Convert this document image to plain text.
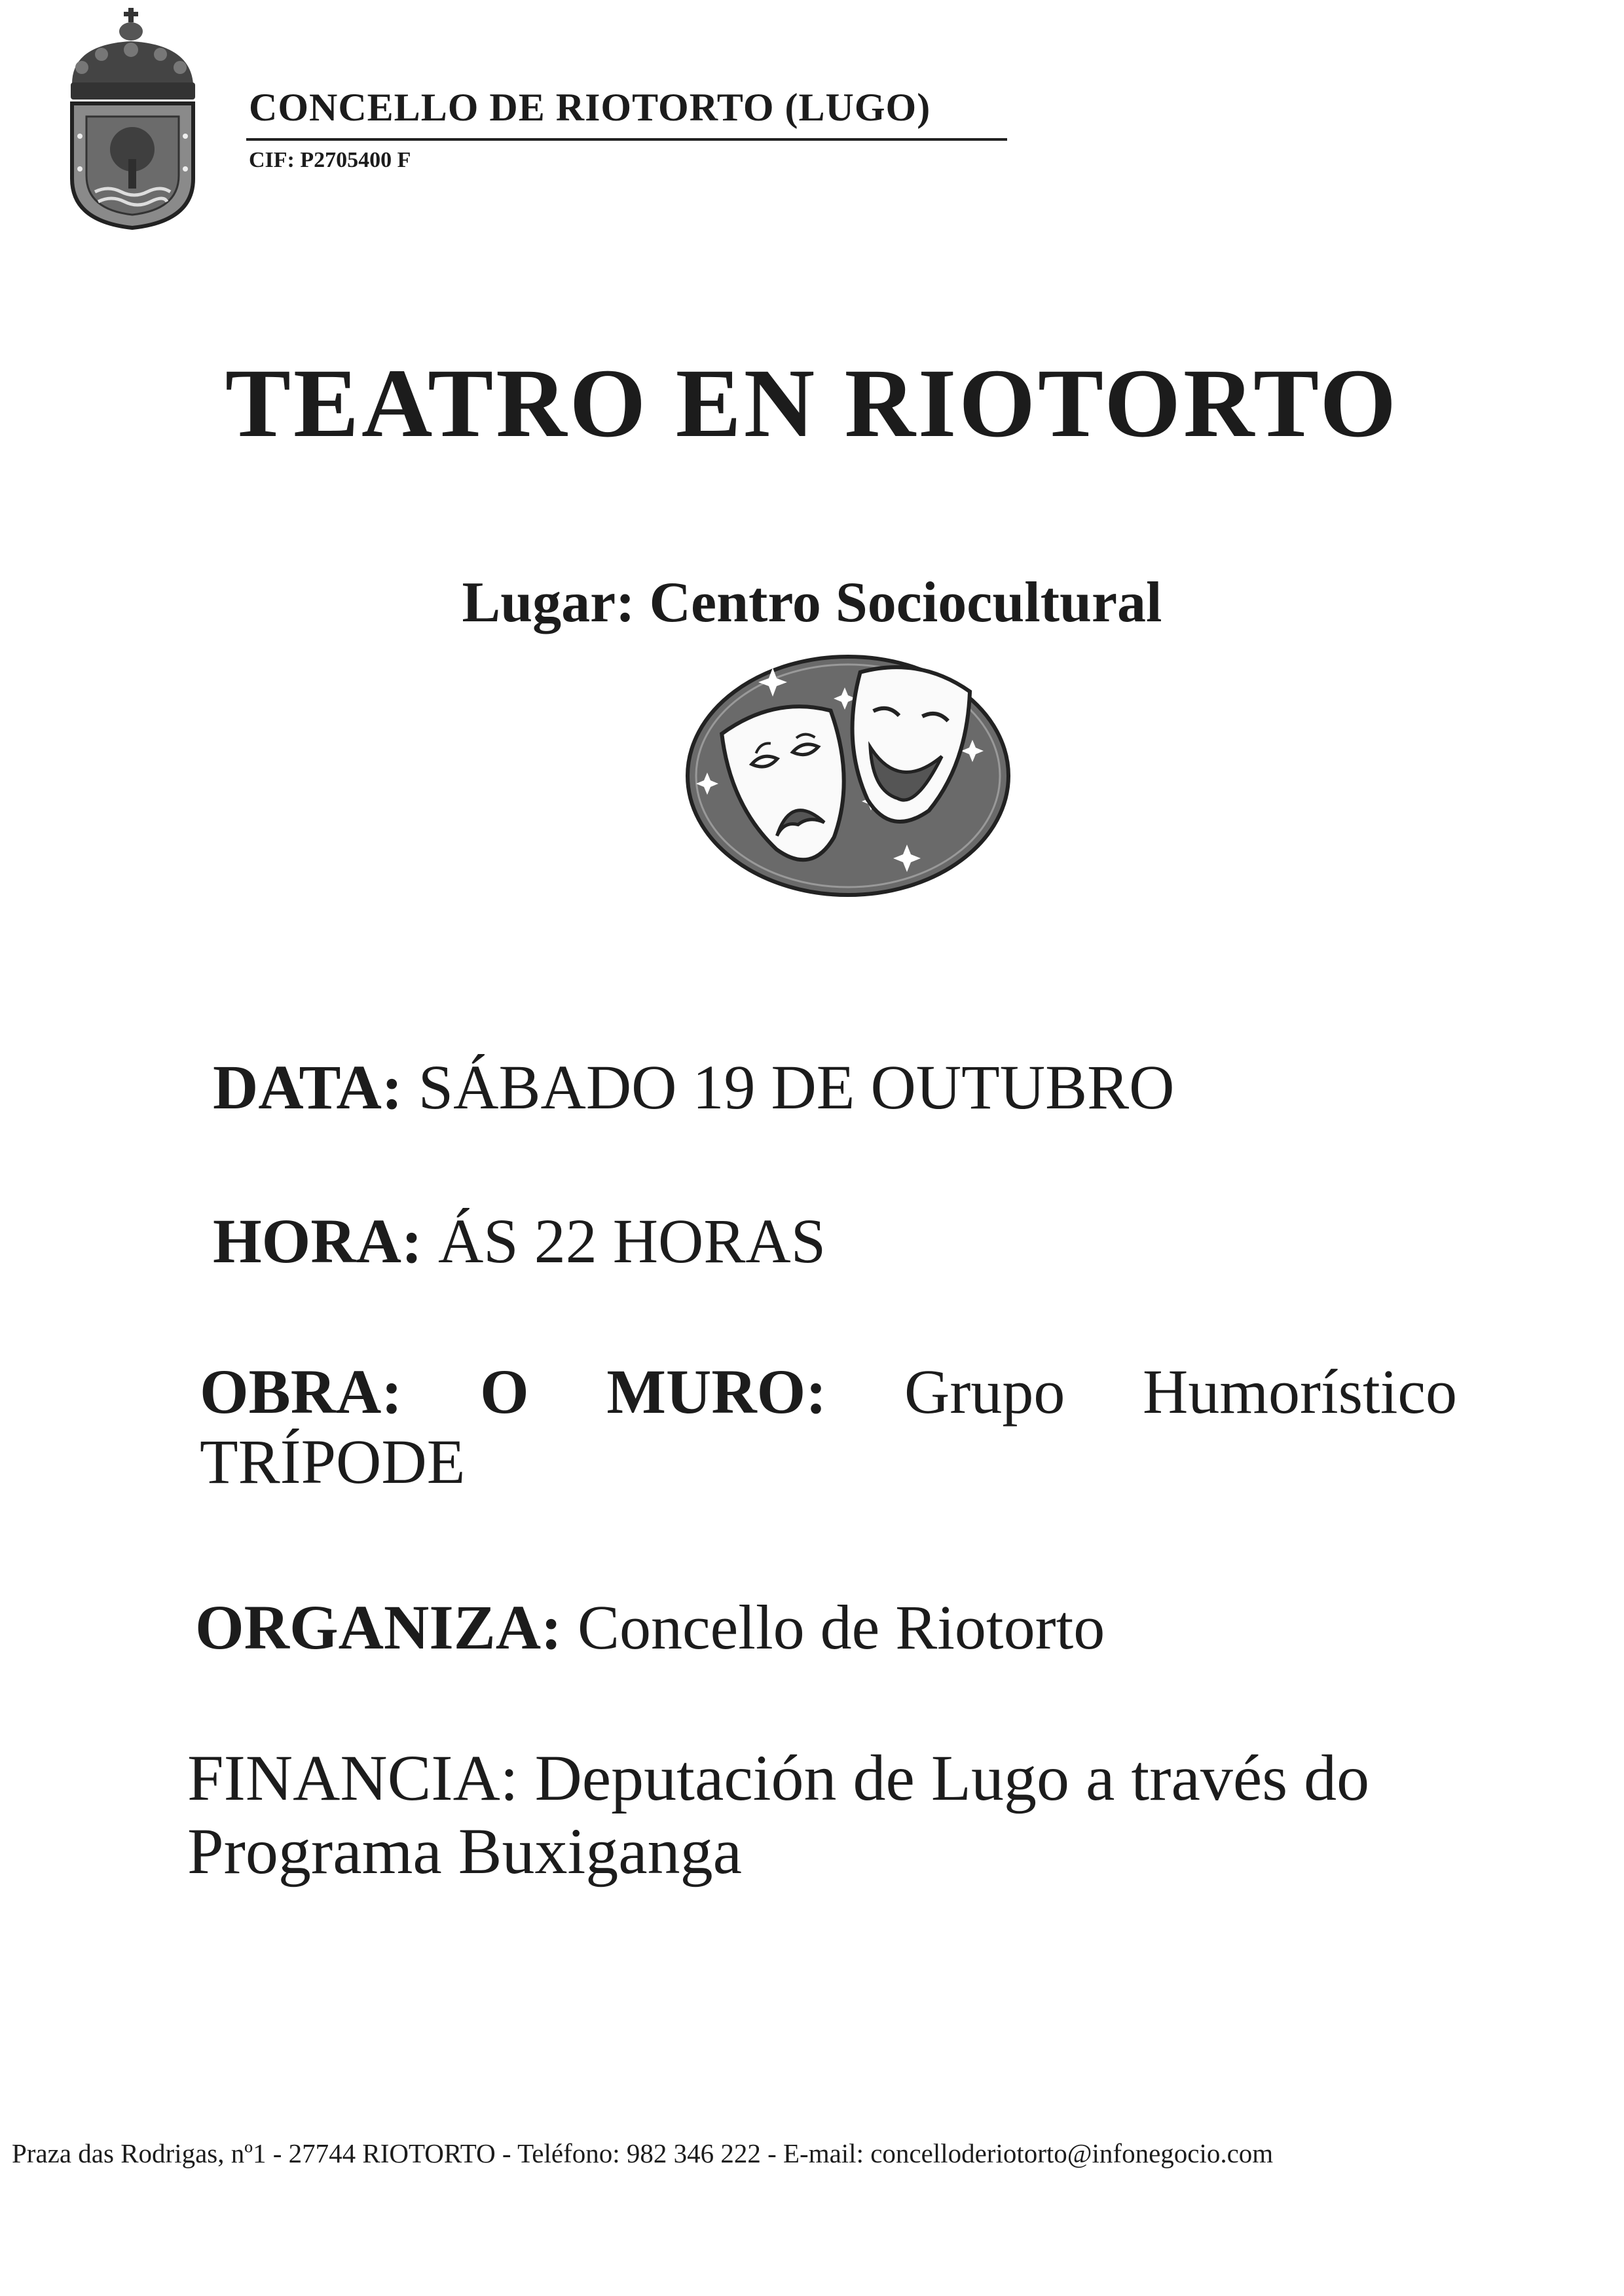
CONCELLO DE RIOTORTO (LUGO)
CIF: P2705400 F
TEATRO EN RIOTORTO
Lugar: Centro Sociocultural
DATA: SÁBADO 19 DE OUTUBRO
HORA: ÁS 22 HORAS
OBRA: O MURO: Grupo Humorístico
TRÍPODE
ORGANIZA: Concello de Riotorto
FINANCIA: Deputación de Lugo a través do
Programa Buxiganga
Praza das Rodrigas, nº1 - 27744 RIOTORTO - Teléfono: 982 346 222 - E-mail: concelloderiotorto@infonegocio.com
